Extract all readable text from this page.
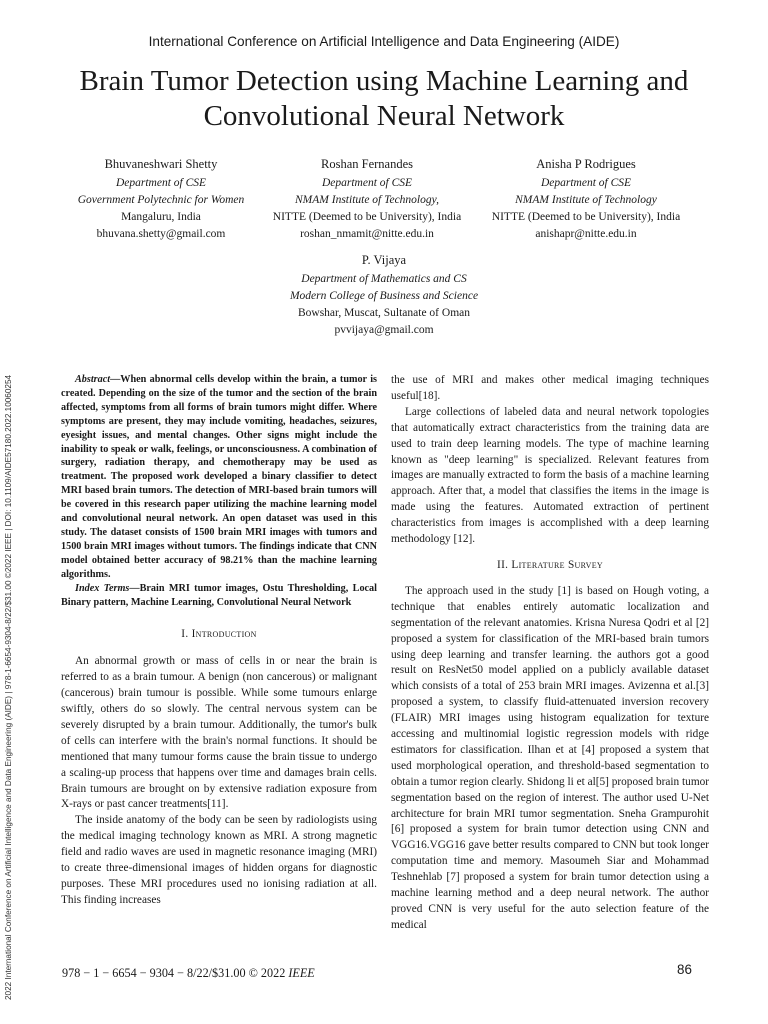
International Conference on Artificial Intelligence and Data Engineering (AIDE)
Brain Tumor Detection using Machine Learning and
Convolutional Neural Network
Bhuvaneshwari Shetty
Department of CSE
Government Polytechnic for Women
Mangaluru, India
bhuvana.shetty@gmail.com
Roshan Fernandes
Department of CSE
NMAM Institute of Technology,
NITTE (Deemed to be University), India
roshan_nmamit@nitte.edu.in
Anisha P Rodrigues
Department of CSE
NMAM Institute of Technology
NITTE (Deemed to be University), India
anishapr@nitte.edu.in
P. Vijaya
Department of Mathematics and CS
Modern College of Business and Science
Bowshar, Muscat, Sultanate of Oman
pvvijaya@gmail.com
2022 International Conference on Artificial Intelligence and Data Engineering (AIDE) | 978-1-6654-9304-8/22/$31.00 ©2022 IEEE | DOI: 10.1109/AIDE57180.2022.10060254	Abstract—When abnormal cells develop within the brain, a tumor is created. Depending on the size of the tumor and the section of the brain affected, symptoms from all forms of brain tumors might differ. Where symptoms are present, they may include vomiting, headaches, seizures, eyesight issues, and mental changes. Other signs might include the inability to speak or walk, feelings, or unconsciousness. A combination of surgery, radiation therapy, and chemotherapy may be used as treatment. The proposed work developed a binary classifier to detect MRI based brain tumors. The detection of MRI-based brain tumors will be covered in this research paper utilizing the machine learning model and convolutional neural network. An open dataset was used in this study. The dataset consists of 1500 brain MRI images with tumors and 1500 brain MRI images without tumors. The findings indicate that CNN model obtained better accuracy of 98.21% than the machine learning algorithms.

Index Terms—Brain MRI tumor images, Ostu Thresholding, Local Binary pattern, Machine Learning, Convolutional Neural Network

I. Introduction

An abnormal growth or mass of cells in or near the brain is referred to as a brain tumour. A benign (non cancerous) or malignant (cancerous) brain tumour is possible. While some tumours enlarge swiftly, others do so slowly. The central nervous system can be severely disrupted by a brain tumour. Additionally, the tumor's bulk of cells can interfere with the brain's normal functions. It should be mentioned that many tumour forms cause the brain tissue to undergo a scaling-up process that happens over time and damages brain cells. Brain tumours are brought on by extensive radiation exposure from X-rays or past cancer treatments[11].

The inside anatomy of the body can be seen by radiologists using the medical imaging technology known as MRI. A strong magnetic field and radio waves are used in magnetic resonance imaging (MRI) to create three-dimensional images of hidden organs for diagnostic purposes. These MRI procedures used no ionising radiation at all. This finding increases

the use of MRI and makes other medical imaging techniques useful[18].

Large collections of labeled data and neural network topologies that automatically extract characteristics from the training data are used to train deep learning models. The type of machine learning known as "deep learning" is specialized. Relevant features from images are manually extracted to form the basis of a machine learning approach. After that, a model that classifies the items in the image is made using the features. Automated extraction of pertinent characteristics from images is accomplished with a deep learning methodology [12].

II. Literature Survey

The approach used in the study [1] is based on Hough voting, a technique that enables entirely automatic localization and segmentation of the relevant anatomies. Krisna Nuresa Qodri et al [2] proposed a system for classification of the MRI-based brain tumors using deep learning and transfer learning. the authors got a good result on ResNet50 model applied on a publicly available dataset which consists of a total of 253 brain MRI images. Avizenna et al.[3] proposed a system, to classify fluid-attenuated inversion recovery (FLAIR) MRI images using histogram equalization for texture accessing and multinomial logistic regression models with ridge estimators for classification. Ilhan et at [4] proposed a system that used morphological operation, and threshold-based segmentation to obtain a tumor region clearly. Shidong li et al[5] proposed brain tumor segmentation based on the region of interest. The author used U-Net architecture for brain MRI tumor segmentation. Sneha Grampurohit [6] proposed a system for brain tumor detection using CNN and VGG16.VGG16 gave better results compared to CNN but took longer computation time and memory. Masoumeh Siar and Mohammad Teshnehlab [7] proposed a system for brain tumor detection using a machine learning method and a deep neural network. The author proved CNN is very useful for the auto selection feature of the medical

978 − 1 − 6654 − 9304 − 8/22/$31.00 © 2022 IEEE	86
